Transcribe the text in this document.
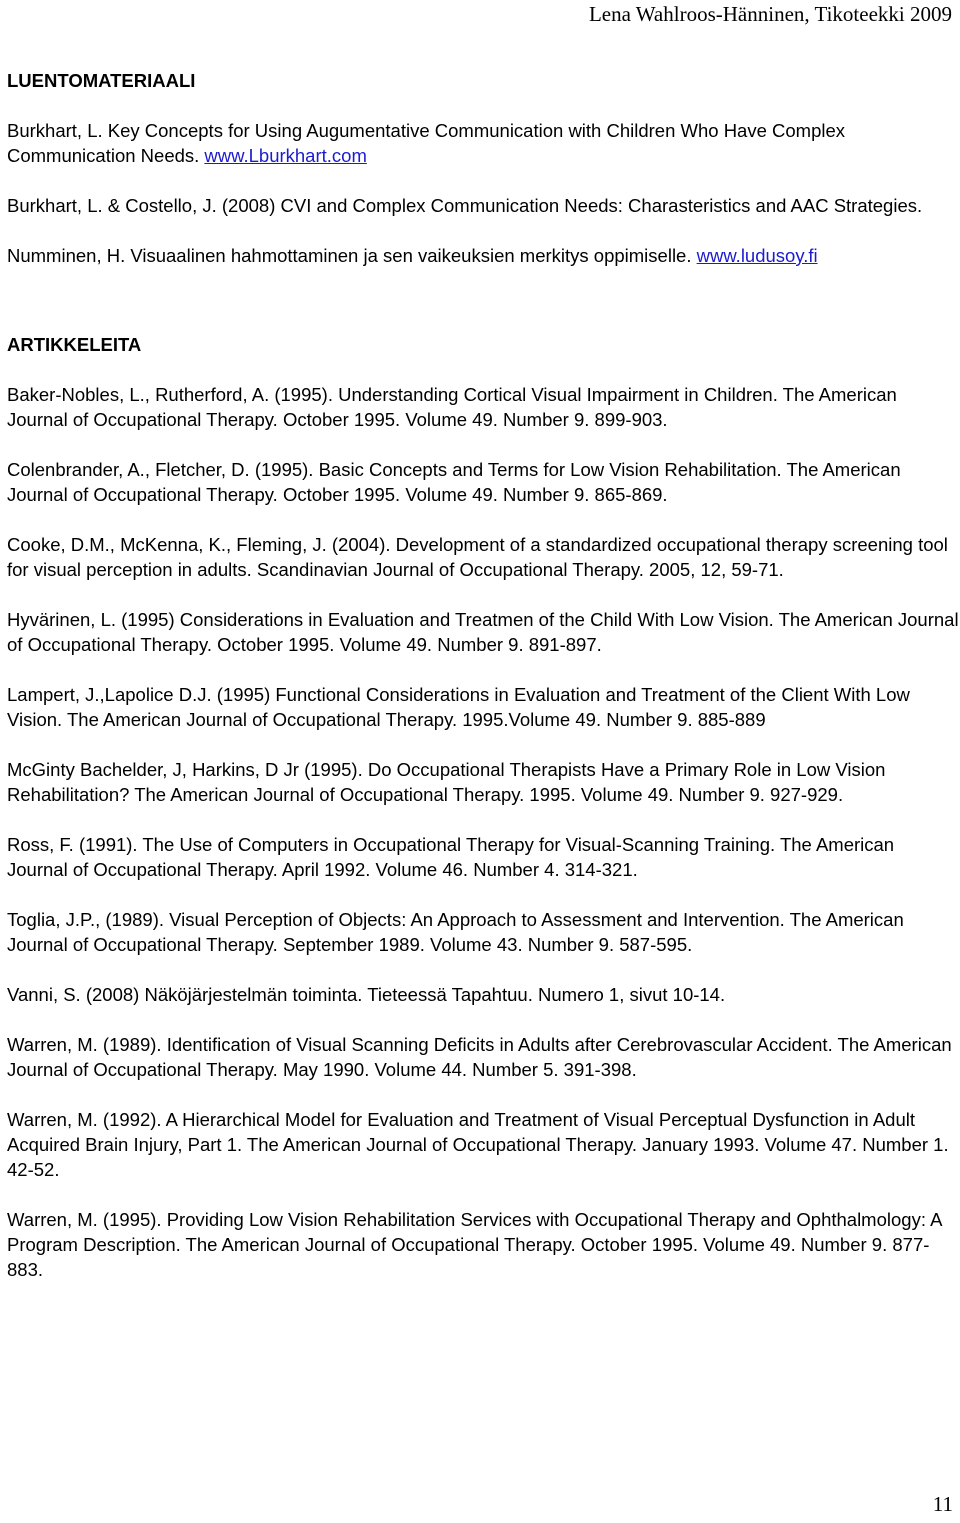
Lena Wahlroos-Hänninen, Tikoteekki 2009
LUENTOMATERIAALI
Burkhart, L. Key Concepts for Using Augumentative Communication with Children Who Have Complex Communication Needs. www.Lburkhart.com
Burkhart, L. & Costello, J. (2008) CVI and Complex Communication Needs: Charasteristics and AAC Strategies.
Numminen, H. Visuaalinen hahmottaminen ja sen vaikeuksien merkitys oppimiselle. www.ludusoy.fi
ARTIKKELEITA
Baker-Nobles, L., Rutherford, A. (1995). Understanding Cortical Visual Impairment in Children. The American Journal of Occupational Therapy. October 1995. Volume 49. Number 9. 899-903.
Colenbrander, A., Fletcher, D. (1995). Basic Concepts and Terms for Low Vision Rehabilitation. The American Journal of Occupational Therapy. October 1995. Volume 49. Number 9. 865-869.
Cooke, D.M., McKenna, K., Fleming, J. (2004). Development of a standardized occupational therapy screening tool for visual perception in adults. Scandinavian Journal of Occupational Therapy. 2005, 12, 59-71.
Hyvärinen, L. (1995) Considerations in Evaluation and Treatmen of the Child With Low Vision. The American Journal of Occupational Therapy. October 1995. Volume 49. Number 9. 891-897.
Lampert, J.,Lapolice D.J. (1995) Functional Considerations in Evaluation and Treatment of the Client With Low Vision. The American Journal of Occupational Therapy. 1995.Volume 49. Number 9. 885-889
McGinty Bachelder, J, Harkins, D Jr (1995). Do Occupational Therapists Have a Primary Role in Low Vision Rehabilitation? The American Journal of Occupational Therapy. 1995. Volume 49. Number 9. 927-929.
Ross, F. (1991). The Use of Computers in Occupational Therapy for Visual-Scanning Training. The American Journal of Occupational Therapy. April 1992. Volume 46. Number 4. 314-321.
Toglia, J.P., (1989). Visual Perception of Objects: An Approach to Assessment and Intervention. The American Journal of Occupational Therapy. September 1989. Volume 43. Number 9. 587-595.
Vanni, S. (2008) Näköjärjestelmän toiminta. Tieteessä Tapahtuu. Numero 1, sivut 10-14.
Warren, M. (1989). Identification of Visual Scanning Deficits in Adults after Cerebrovascular Accident. The American Journal of Occupational Therapy. May 1990. Volume 44. Number 5. 391-398.
Warren, M. (1992). A Hierarchical Model for Evaluation and Treatment of Visual Perceptual Dysfunction in Adult Acquired Brain Injury, Part 1. The American Journal of Occupational Therapy. January 1993. Volume 47. Number 1. 42-52.
Warren, M. (1995). Providing Low Vision Rehabilitation Services with Occupational Therapy and Ophthalmology: A Program Description. The American Journal of Occupational Therapy. October 1995. Volume 49. Number 9. 877-883.
11
